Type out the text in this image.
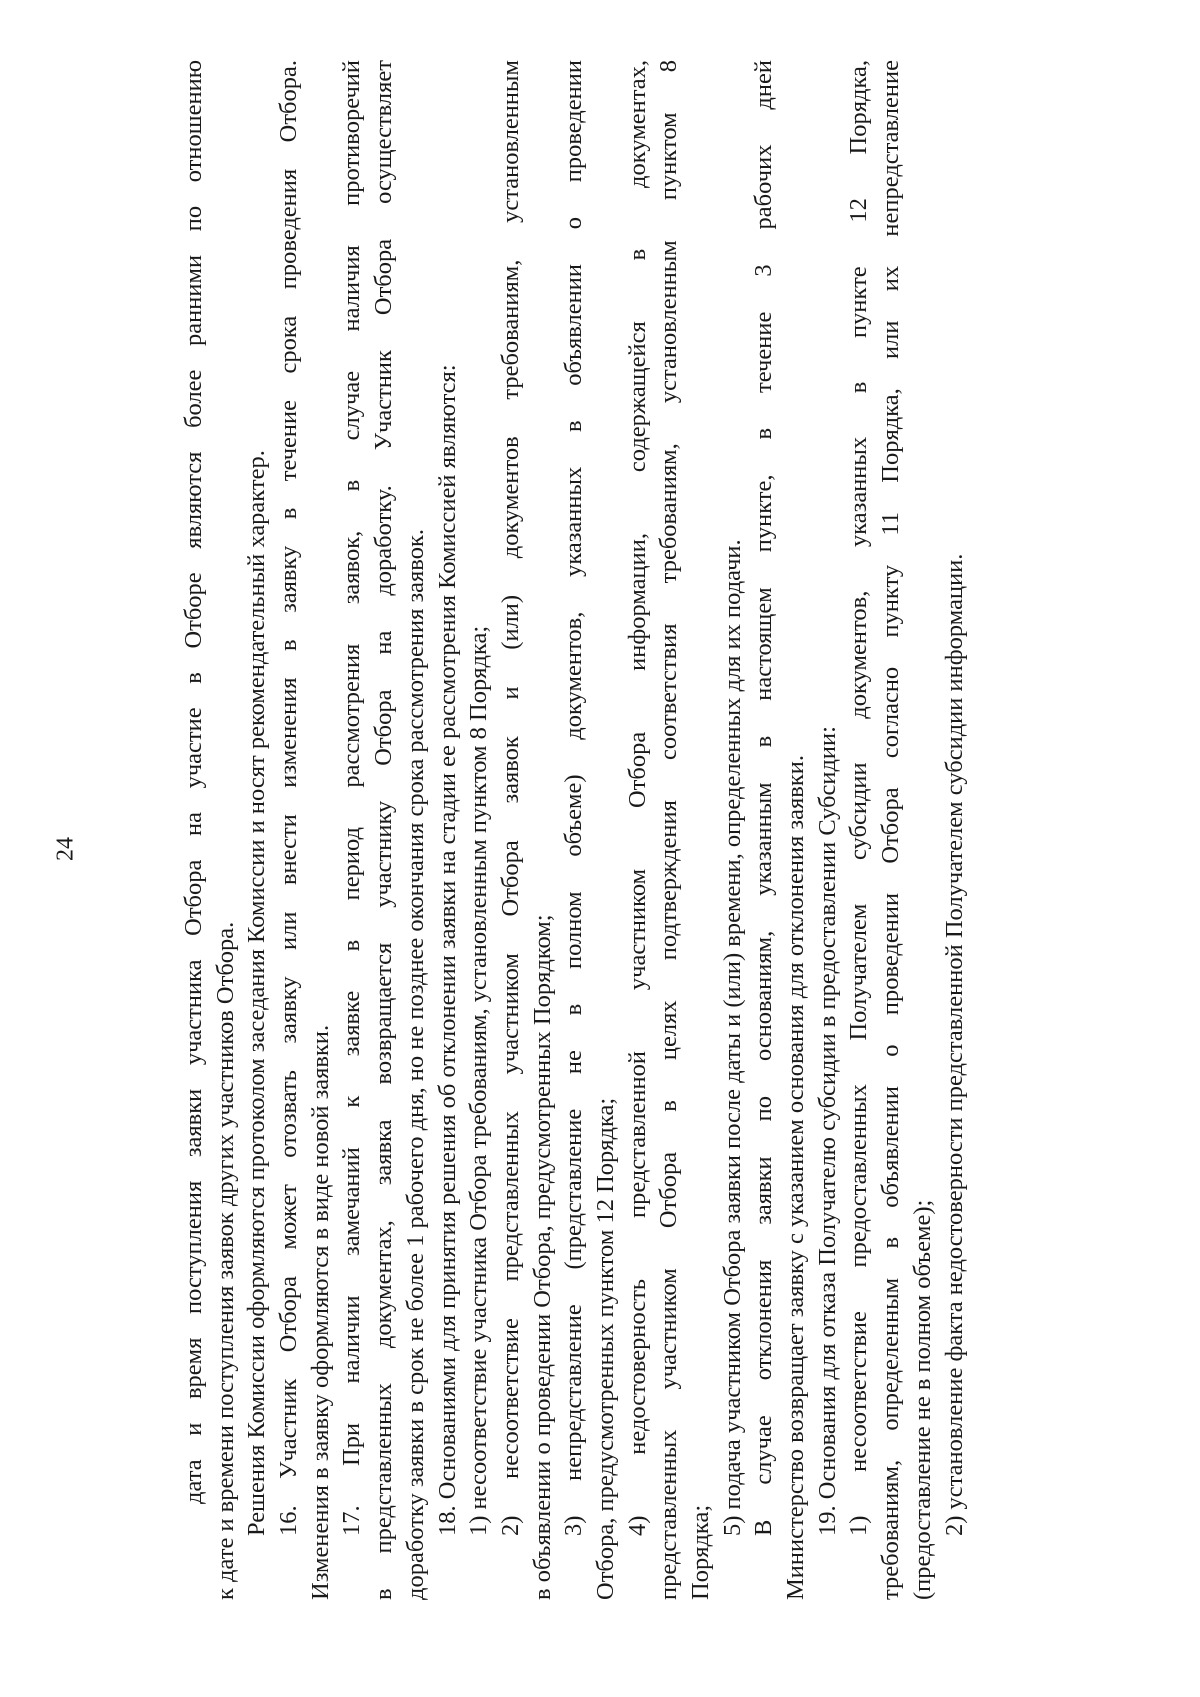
24	дата и время поступления заявки участника Отбора на участие в Отборе являются более ранними по отношению к дате и времени поступления заявок других участников Отбора. Решения Комиссии оформляются протоколом заседания Комиссии и носят рекомендательный характер. 16. Участник Отбора может отозвать заявку или внести изменения в заявку в течение срока проведения Отбора. Изменения в заявку оформляются в виде новой заявки. 17. При наличии замечаний к заявке в период рассмотрения заявок, в случае наличия противоречий в представленных документах, заявка возвращается участнику Отбора на доработку. Участник Отбора осуществляет доработку заявки в срок не более 1 рабочего дня, но не позднее окончания срока рассмотрения заявок. 18. Основаниями для принятия решения об отклонении заявки на стадии ее рассмотрения Комиссией являются: 1) несоответствие участника Отбора требованиям, установленным пунктом 8 Порядка; 2) несоответствие представленных участником Отбора заявок и (или) документов требованиям, установленным в объявлении о проведении Отбора, предусмотренных Порядком; 3) непредставление (представление не в полном объеме) документов, указанных в объявлении о проведении Отбора, предусмотренных пунктом 12 Порядка; 4) недостоверность представленной участником Отбора информации, содержащейся в документах, представленных участником Отбора в целях подтверждения соответствия требованиям, установленным пунктом 8 Порядка;
5) подача участником Отбора заявки после даты и (или) времени, определенных для их подачи. В случае отклонения заявки по основаниям, указанным в настоящем пункте, в течение 3 рабочих дней Министерство возвращает заявку с указанием основания для отклонения заявки. 19. Основания для отказа Получателю субсидии в предоставлении Субсидии: 1) несоответствие предоставленных Получателем субсидии документов, указанных в пункте 12 Порядка, требованиям, определенным в объявлении о проведении Отбора согласно пункту 11 Порядка, или их непредставление (предоставление не в полном объеме); 2) установление факта недостоверности представленной Получателем субсидии информации.
